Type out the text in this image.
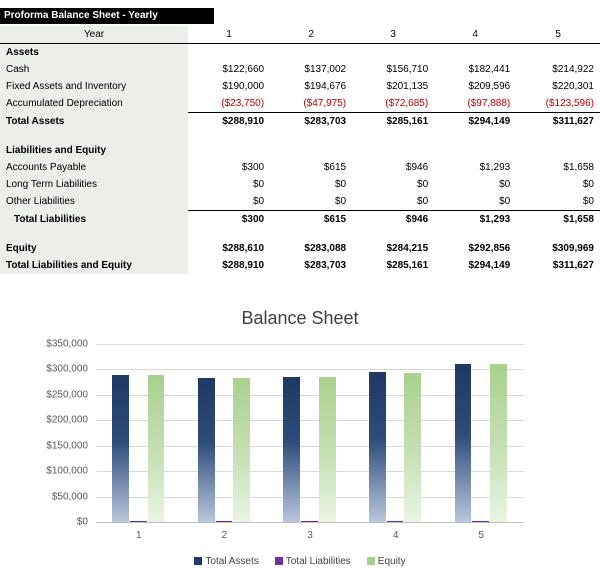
Proforma Balance Sheet - Yearly
Year	1	2	3	4	5
Assets					
Cash	$122,660	$137,002	$156,710	$182,441	$214,922
Fixed Assets and Inventory	$190,000	$194,676	$201,135	$209,596	$220,301
Accumulated Depreciation	($23,750)	($47,975)	($72,685)	($97,888)	($123,596)
Total Assets	$288,910	$283,703	$285,161	$294,149	$311,627

Liabilities and Equity					
Accounts Payable	$300	$615	$946	$1,293	$1,658
Long Term Liabilities	$0	$0	$0	$0	$0
Other Liabilities	$0	$0	$0	$0	$0
Total Liabilities	$300	$615	$946	$1,293	$1,658

Equity	$288,610	$283,088	$284,215	$292,856	$309,969
Total Liabilities and Equity	$288,910	$283,703	$285,161	$294,149	$311,627
Balance Sheet
$0
$50,000
$100,000
$150,000
$200,000
$250,000
$300,000
$350,000
1	2	3	4	5
Total Assets	Total Liabilities	Equity
